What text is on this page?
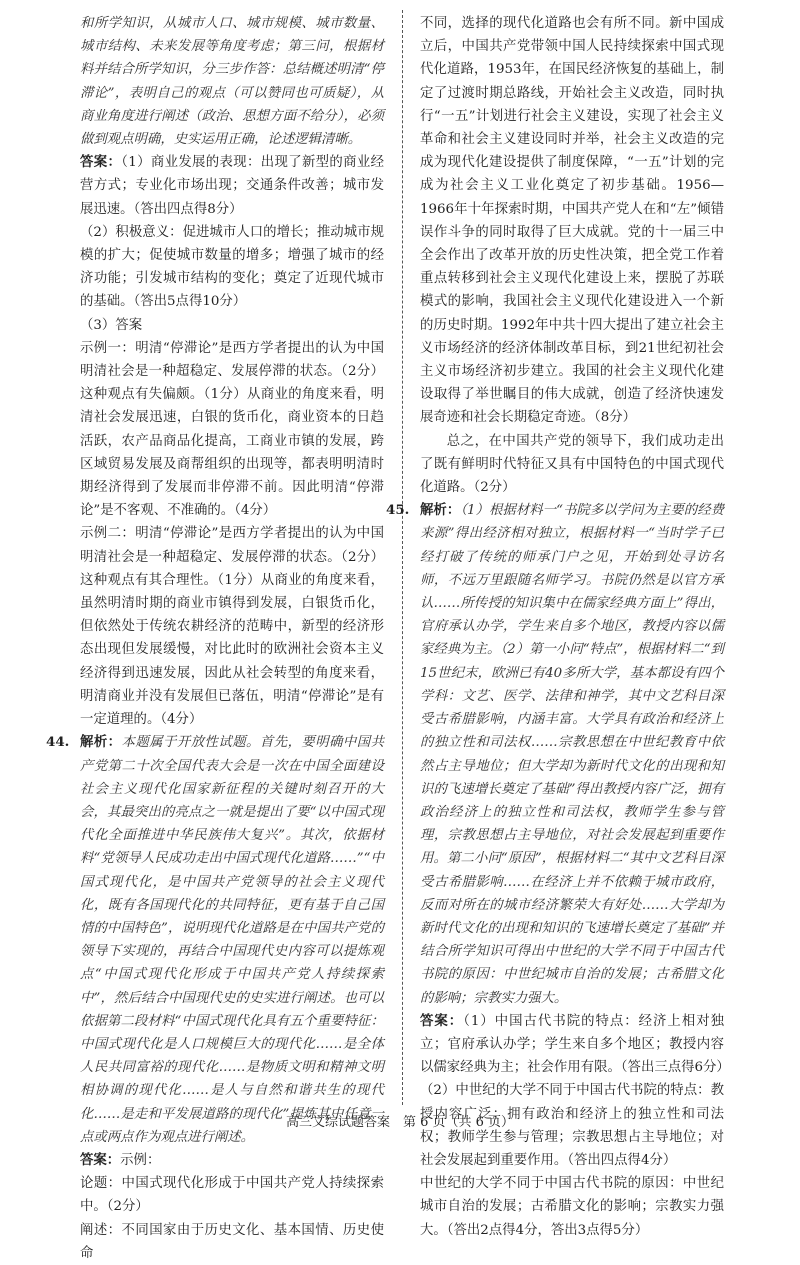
和所学知识，从城市人口、城市规模、城市数量、城市结构、未来发展等角度考虑；第三问，根据材料并结合所学知识，分三步作答：总结概述明清“停滞论”，表明自己的观点（可以赞同也可质疑），从商业角度进行阐述（政治、思想方面不给分），必须做到观点明确，史实运用正确，论述逻辑清晰。

答案：（1）商业发展的表现：出现了新型的商业经营方式；专业化市场出现；交通条件改善；城市发展迅速。（答出四点得8分）

（2）积极意义：促进城市人口的增长；推动城市规模的扩大；促使城市数量的增多；增强了城市的经济功能；引发城市结构的变化；奠定了近现代城市的基础。（答出5点得10分）

（3）答案

示例一：明清“停滞论”是西方学者提出的认为中国明清社会是一种超稳定、发展停滞的状态。（2分）这种观点有失偏颇。（1分）从商业的角度来看，明清社会发展迅速，白银的货币化，商业资本的日趋活跃，农产品商品化提高，工商业市镇的发展，跨区域贸易发展及商帮组织的出现等，都表明明清时期经济得到了发展而非停滞不前。因此明清“停滞论”是不客观、不准确的。（4分）

示例二：明清“停滞论”是西方学者提出的认为中国明清社会是一种超稳定、发展停滞的状态。（2分）这种观点有其合理性。（1分）从商业的角度来看，虽然明清时期的商业市镇得到发展，白银货币化，但依然处于传统农耕经济的范畴中，新型的经济形态出现但发展缓慢，对比此时的欧洲社会资本主义经济得到迅速发展，因此从社会转型的角度来看，明清商业并没有发展但已落伍，明清“停滞论”是有一定道理的。（4分）

44. 解析：本题属于开放性试题。首先，要明确中国共产党第二十次全国代表大会是一次在中国全面建设社会主义现代化国家新征程的关键时刻召开的大会，其最突出的亮点之一就是提出了要“以中国式现代化全面推进中华民族伟大复兴”。其次，依据材料“党领导人民成功走出中国式现代化道路……”“中国式现代化，是中国共产党领导的社会主义现代化，既有各国现代化的共同特征，更有基于自己国情的中国特色”，说明现代化道路是在中国共产党的领导下实现的，再结合中国现代史内容可以提炼观点“中国式现代化形成于中国共产党人持续探索中”，然后结合中国现代史的史实进行阐述。也可以依据第二段材料“中国式现代化具有五个重要特征：中国式现代化是人口规模巨大的现代化……是全体人民共同富裕的现代化……是物质文明和精神文明相协调的现代化……是人与自然和谐共生的现代化……是走和平发展道路的现代化”提炼其中任意一点或两点作为观点进行阐述。

答案：示例：

论题：中国式现代化形成于中国共产党人持续探索中。（2分）

阐述：不同国家由于历史文化、基本国情、历史使命

不同，选择的现代化道路也会有所不同。新中国成立后，中国共产党带领中国人民持续探索中国式现代化道路，1953年，在国民经济恢复的基础上，制定了过渡时期总路线，开始社会主义改造，同时执行“一五”计划进行社会主义建设，实现了社会主义革命和社会主义建设同时并举，社会主义改造的完成为现代化建设提供了制度保障，“一五”计划的完成为社会主义工业化奠定了初步基础。1956—1966年十年探索时期，中国共产党人在和“左”倾错误作斗争的同时取得了巨大成就。党的十一届三中全会作出了改革开放的历史性决策，把全党工作着重点转移到社会主义现代化建设上来，摆脱了苏联模式的影响，我国社会主义现代化建设进入一个新的历史时期。1992年中共十四大提出了建立社会主义市场经济的经济体制改革目标，到21世纪初社会主义市场经济初步建立。我国的社会主义现代化建设取得了举世瞩目的伟大成就，创造了经济快速发展奇迹和社会长期稳定奇迹。（8分）

总之，在中国共产党的领导下，我们成功走出了既有鲜明时代特征又具有中国特色的中国式现代化道路。（2分）

45. 解析：（1）根据材料一“书院多以学问为主要的经费来源”得出经济相对独立，根据材料一“当时学子已经打破了传统的师承门户之见，开始到处寻访名师，不远万里跟随名师学习。书院仍然是以官方承认……所传授的知识集中在儒家经典方面上”得出，官府承认办学，学生来自多个地区，教授内容以儒家经典为主。（2）第一小问“特点”，根据材料二“到15世纪末，欧洲已有40多所大学，基本都设有四个学科：文艺、医学、法律和神学，其中文艺科目深受古希腊影响，内涵丰富。大学具有政治和经济上的独立性和司法权……宗教思想在中世纪教育中依然占主导地位；但大学却为新时代文化的出现和知识的飞速增长奠定了基础”得出教授内容广泛，拥有政治经济上的独立性和司法权，教师学生参与管理，宗教思想占主导地位，对社会发展起到重要作用。第二小问“原因”，根据材料二“其中文艺科目深受古希腊影响……在经济上并不依赖于城市政府，反而对所在的城市经济繁荣大有好处……大学却为新时代文化的出现和知识的飞速增长奠定了基础”并结合所学知识可得出中世纪的大学不同于中国古代书院的原因：中世纪城市自治的发展；古希腊文化的影响；宗教实力强大。

答案：（1）中国古代书院的特点：经济上相对独立；官府承认办学；学生来自多个地区；教授内容以儒家经典为主；社会作用有限。（答出三点得6分）

（2）中世纪的大学不同于中国古代书院的特点：教授内容广泛；拥有政治和经济上的独立性和司法权；教师学生参与管理；宗教思想占主导地位；对社会发展起到重要作用。（答出四点得4分）

中世纪的大学不同于中国古代书院的原因：中世纪城市自治的发展；古希腊文化的影响；宗教实力强大。（答出2点得4分，答出3点得5分）

高三文综试题答案　第 6 页（共 6 页）
